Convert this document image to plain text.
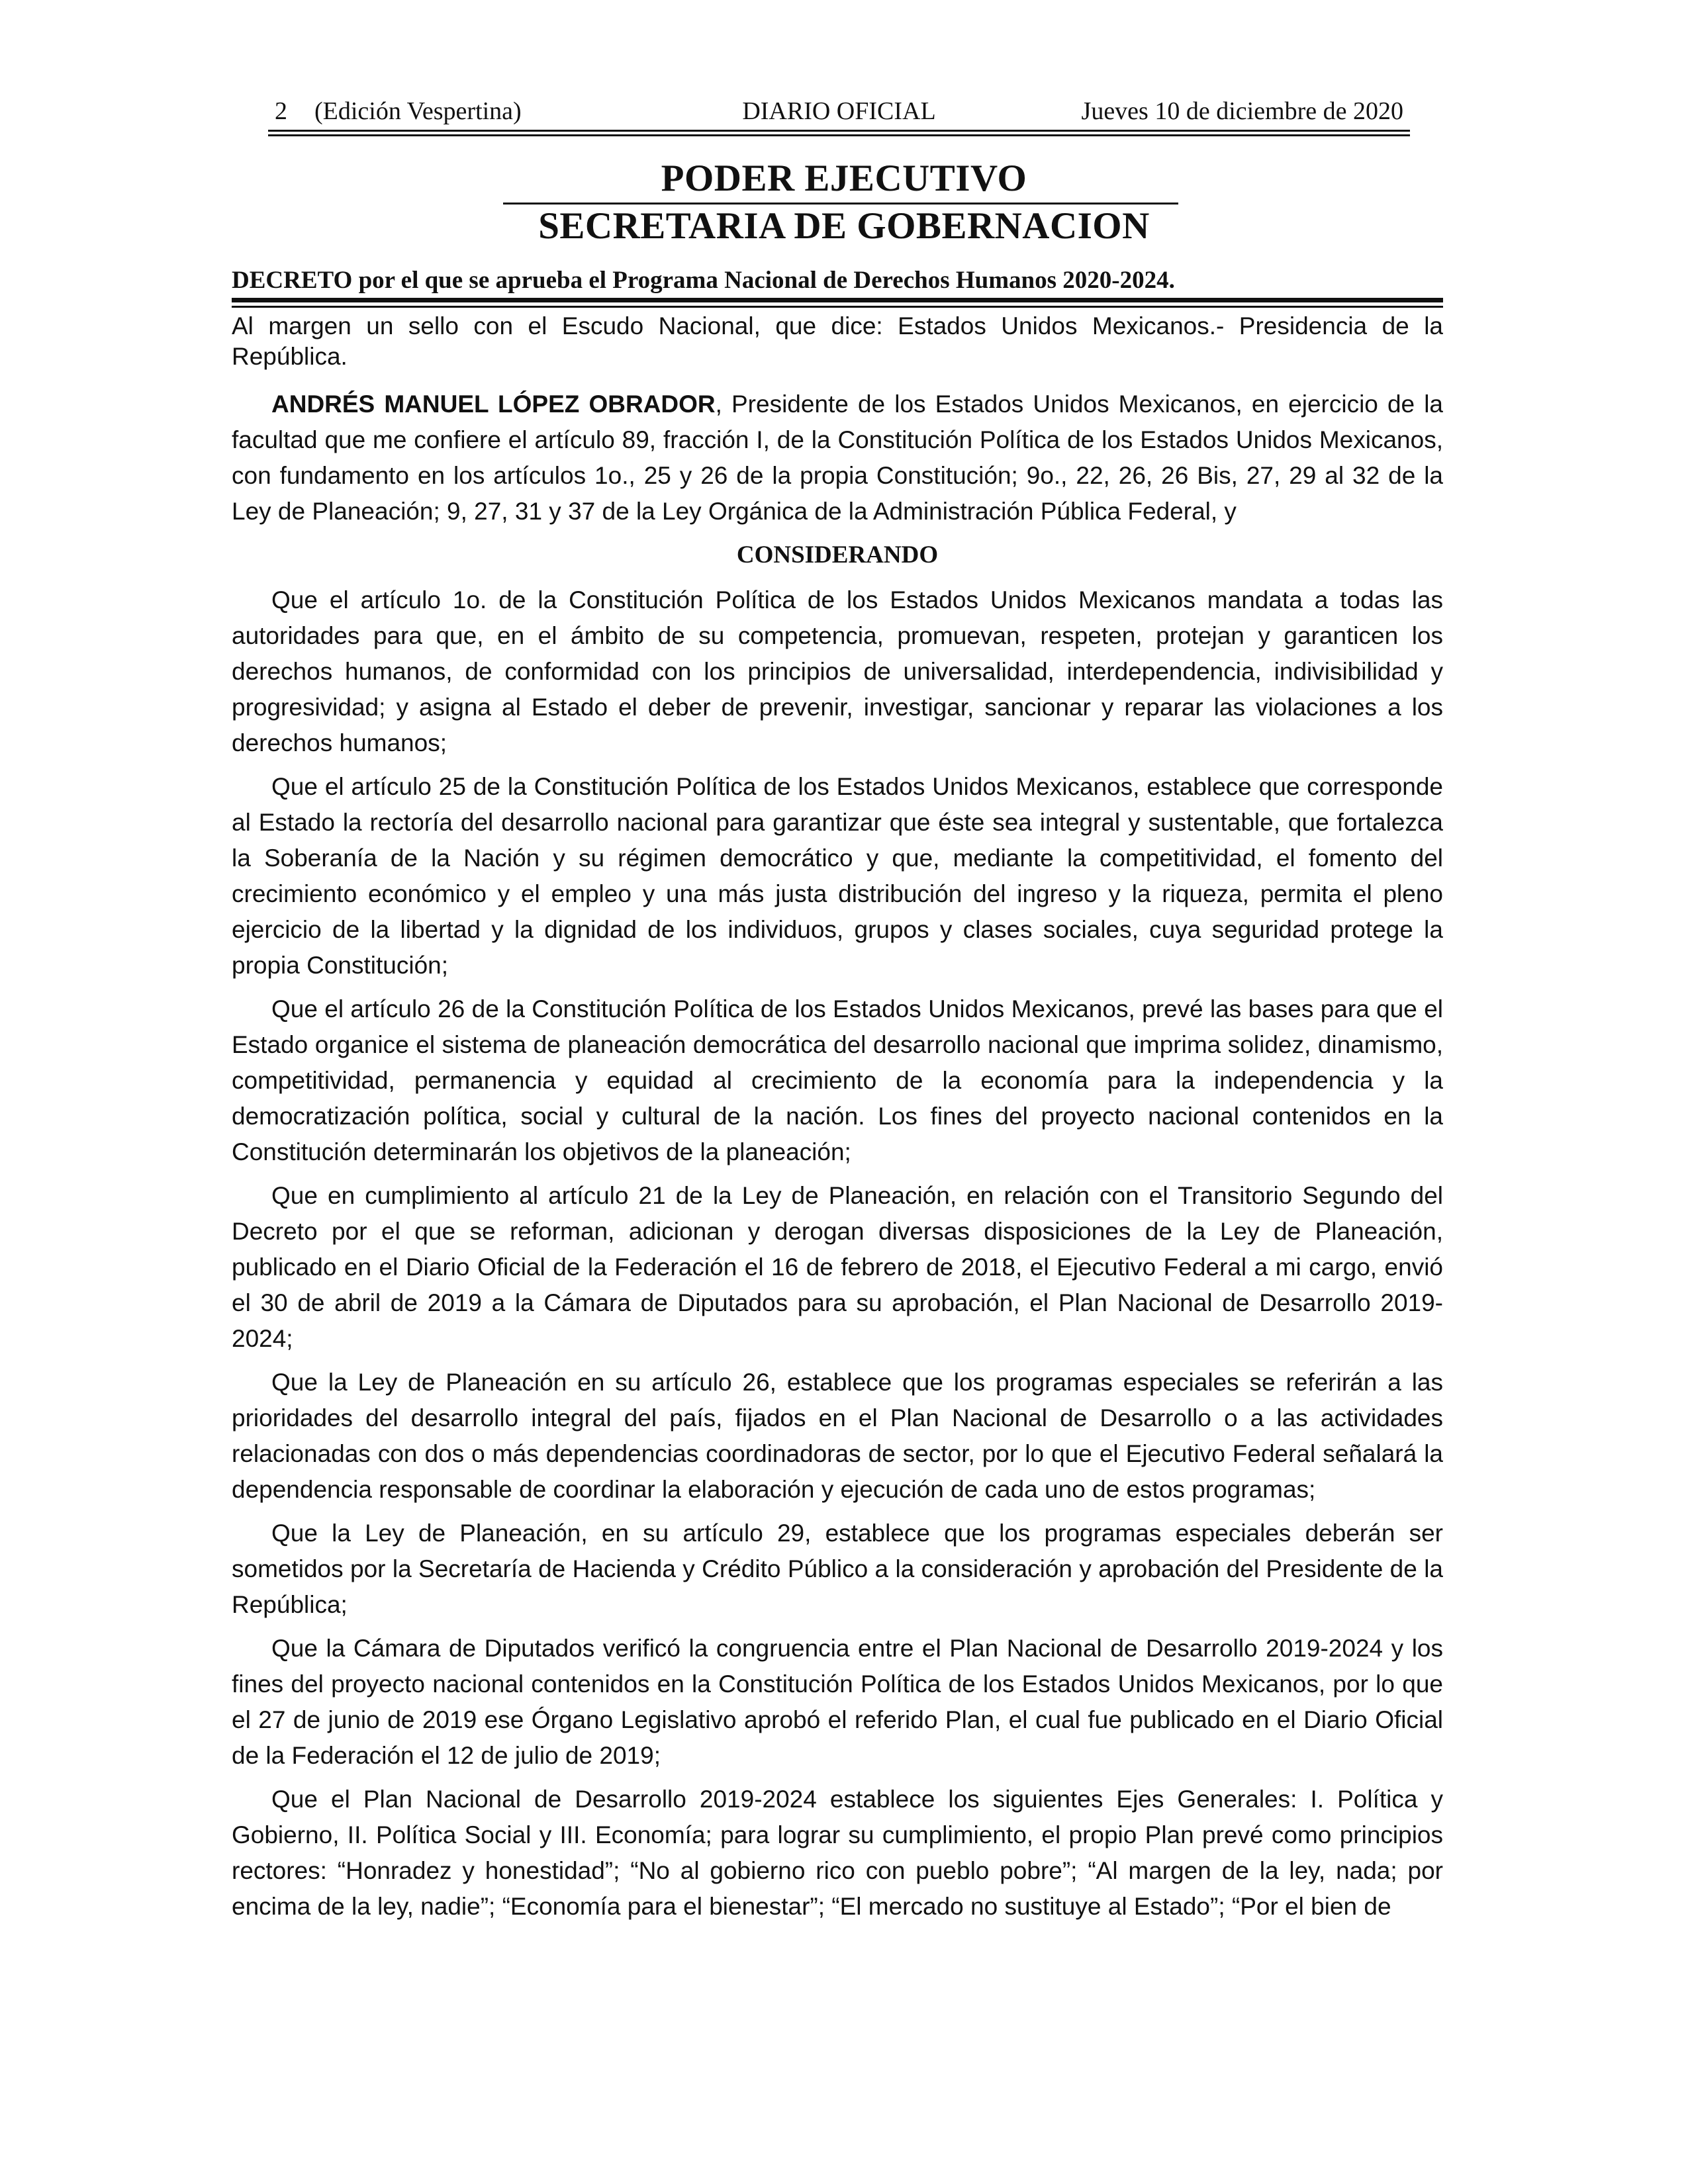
2 (Edición Vespertina)	DIARIO OFICIAL	Jueves 10 de diciembre de 2020
PODER EJECUTIVO
SECRETARIA DE GOBERNACION
DECRETO por el que se aprueba el Programa Nacional de Derechos Humanos 2020-2024.

Al margen un sello con el Escudo Nacional, que dice: Estados Unidos Mexicanos.- Presidencia de la República.

ANDRÉS MANUEL LÓPEZ OBRADOR, Presidente de los Estados Unidos Mexicanos, en ejercicio de la facultad que me confiere el artículo 89, fracción I, de la Constitución Política de los Estados Unidos Mexicanos, con fundamento en los artículos 1o., 25 y 26 de la propia Constitución; 9o., 22, 26, 26 Bis, 27, 29 al 32 de la Ley de Planeación; 9, 27, 31 y 37 de la Ley Orgánica de la Administración Pública Federal, y

CONSIDERANDO

Que el artículo 1o. de la Constitución Política de los Estados Unidos Mexicanos mandata a todas las autoridades para que, en el ámbito de su competencia, promuevan, respeten, protejan y garanticen los derechos humanos, de conformidad con los principios de universalidad, interdependencia, indivisibilidad y progresividad; y asigna al Estado el deber de prevenir, investigar, sancionar y reparar las violaciones a los derechos humanos;

Que el artículo 25 de la Constitución Política de los Estados Unidos Mexicanos, establece que corresponde al Estado la rectoría del desarrollo nacional para garantizar que éste sea integral y sustentable, que fortalezca la Soberanía de la Nación y su régimen democrático y que, mediante la competitividad, el fomento del crecimiento económico y el empleo y una más justa distribución del ingreso y la riqueza, permita el pleno ejercicio de la libertad y la dignidad de los individuos, grupos y clases sociales, cuya seguridad protege la propia Constitución;

Que el artículo 26 de la Constitución Política de los Estados Unidos Mexicanos, prevé las bases para que el Estado organice el sistema de planeación democrática del desarrollo nacional que imprima solidez, dinamismo, competitividad, permanencia y equidad al crecimiento de la economía para la independencia y la democratización política, social y cultural de la nación. Los fines del proyecto nacional contenidos en la Constitución determinarán los objetivos de la planeación;

Que en cumplimiento al artículo 21 de la Ley de Planeación, en relación con el Transitorio Segundo del Decreto por el que se reforman, adicionan y derogan diversas disposiciones de la Ley de Planeación, publicado en el Diario Oficial de la Federación el 16 de febrero de 2018, el Ejecutivo Federal a mi cargo, envió el 30 de abril de 2019 a la Cámara de Diputados para su aprobación, el Plan Nacional de Desarrollo 2019-2024;

Que la Ley de Planeación en su artículo 26, establece que los programas especiales se referirán a las prioridades del desarrollo integral del país, fijados en el Plan Nacional de Desarrollo o a las actividades relacionadas con dos o más dependencias coordinadoras de sector, por lo que el Ejecutivo Federal señalará la dependencia responsable de coordinar la elaboración y ejecución de cada uno de estos programas;

Que la Ley de Planeación, en su artículo 29, establece que los programas especiales deberán ser sometidos por la Secretaría de Hacienda y Crédito Público a la consideración y aprobación del Presidente de la República;

Que la Cámara de Diputados verificó la congruencia entre el Plan Nacional de Desarrollo 2019-2024 y los fines del proyecto nacional contenidos en la Constitución Política de los Estados Unidos Mexicanos, por lo que el 27 de junio de 2019 ese Órgano Legislativo aprobó el referido Plan, el cual fue publicado en el Diario Oficial de la Federación el 12 de julio de 2019;

Que el Plan Nacional de Desarrollo 2019-2024 establece los siguientes Ejes Generales: I. Política y Gobierno, II. Política Social y III. Economía; para lograr su cumplimiento, el propio Plan prevé como principios rectores: “Honradez y honestidad”; “No al gobierno rico con pueblo pobre”; “Al margen de la ley, nada; por encima de la ley, nadie”; “Economía para el bienestar”; “El mercado no sustituye al Estado”; “Por el bien de
